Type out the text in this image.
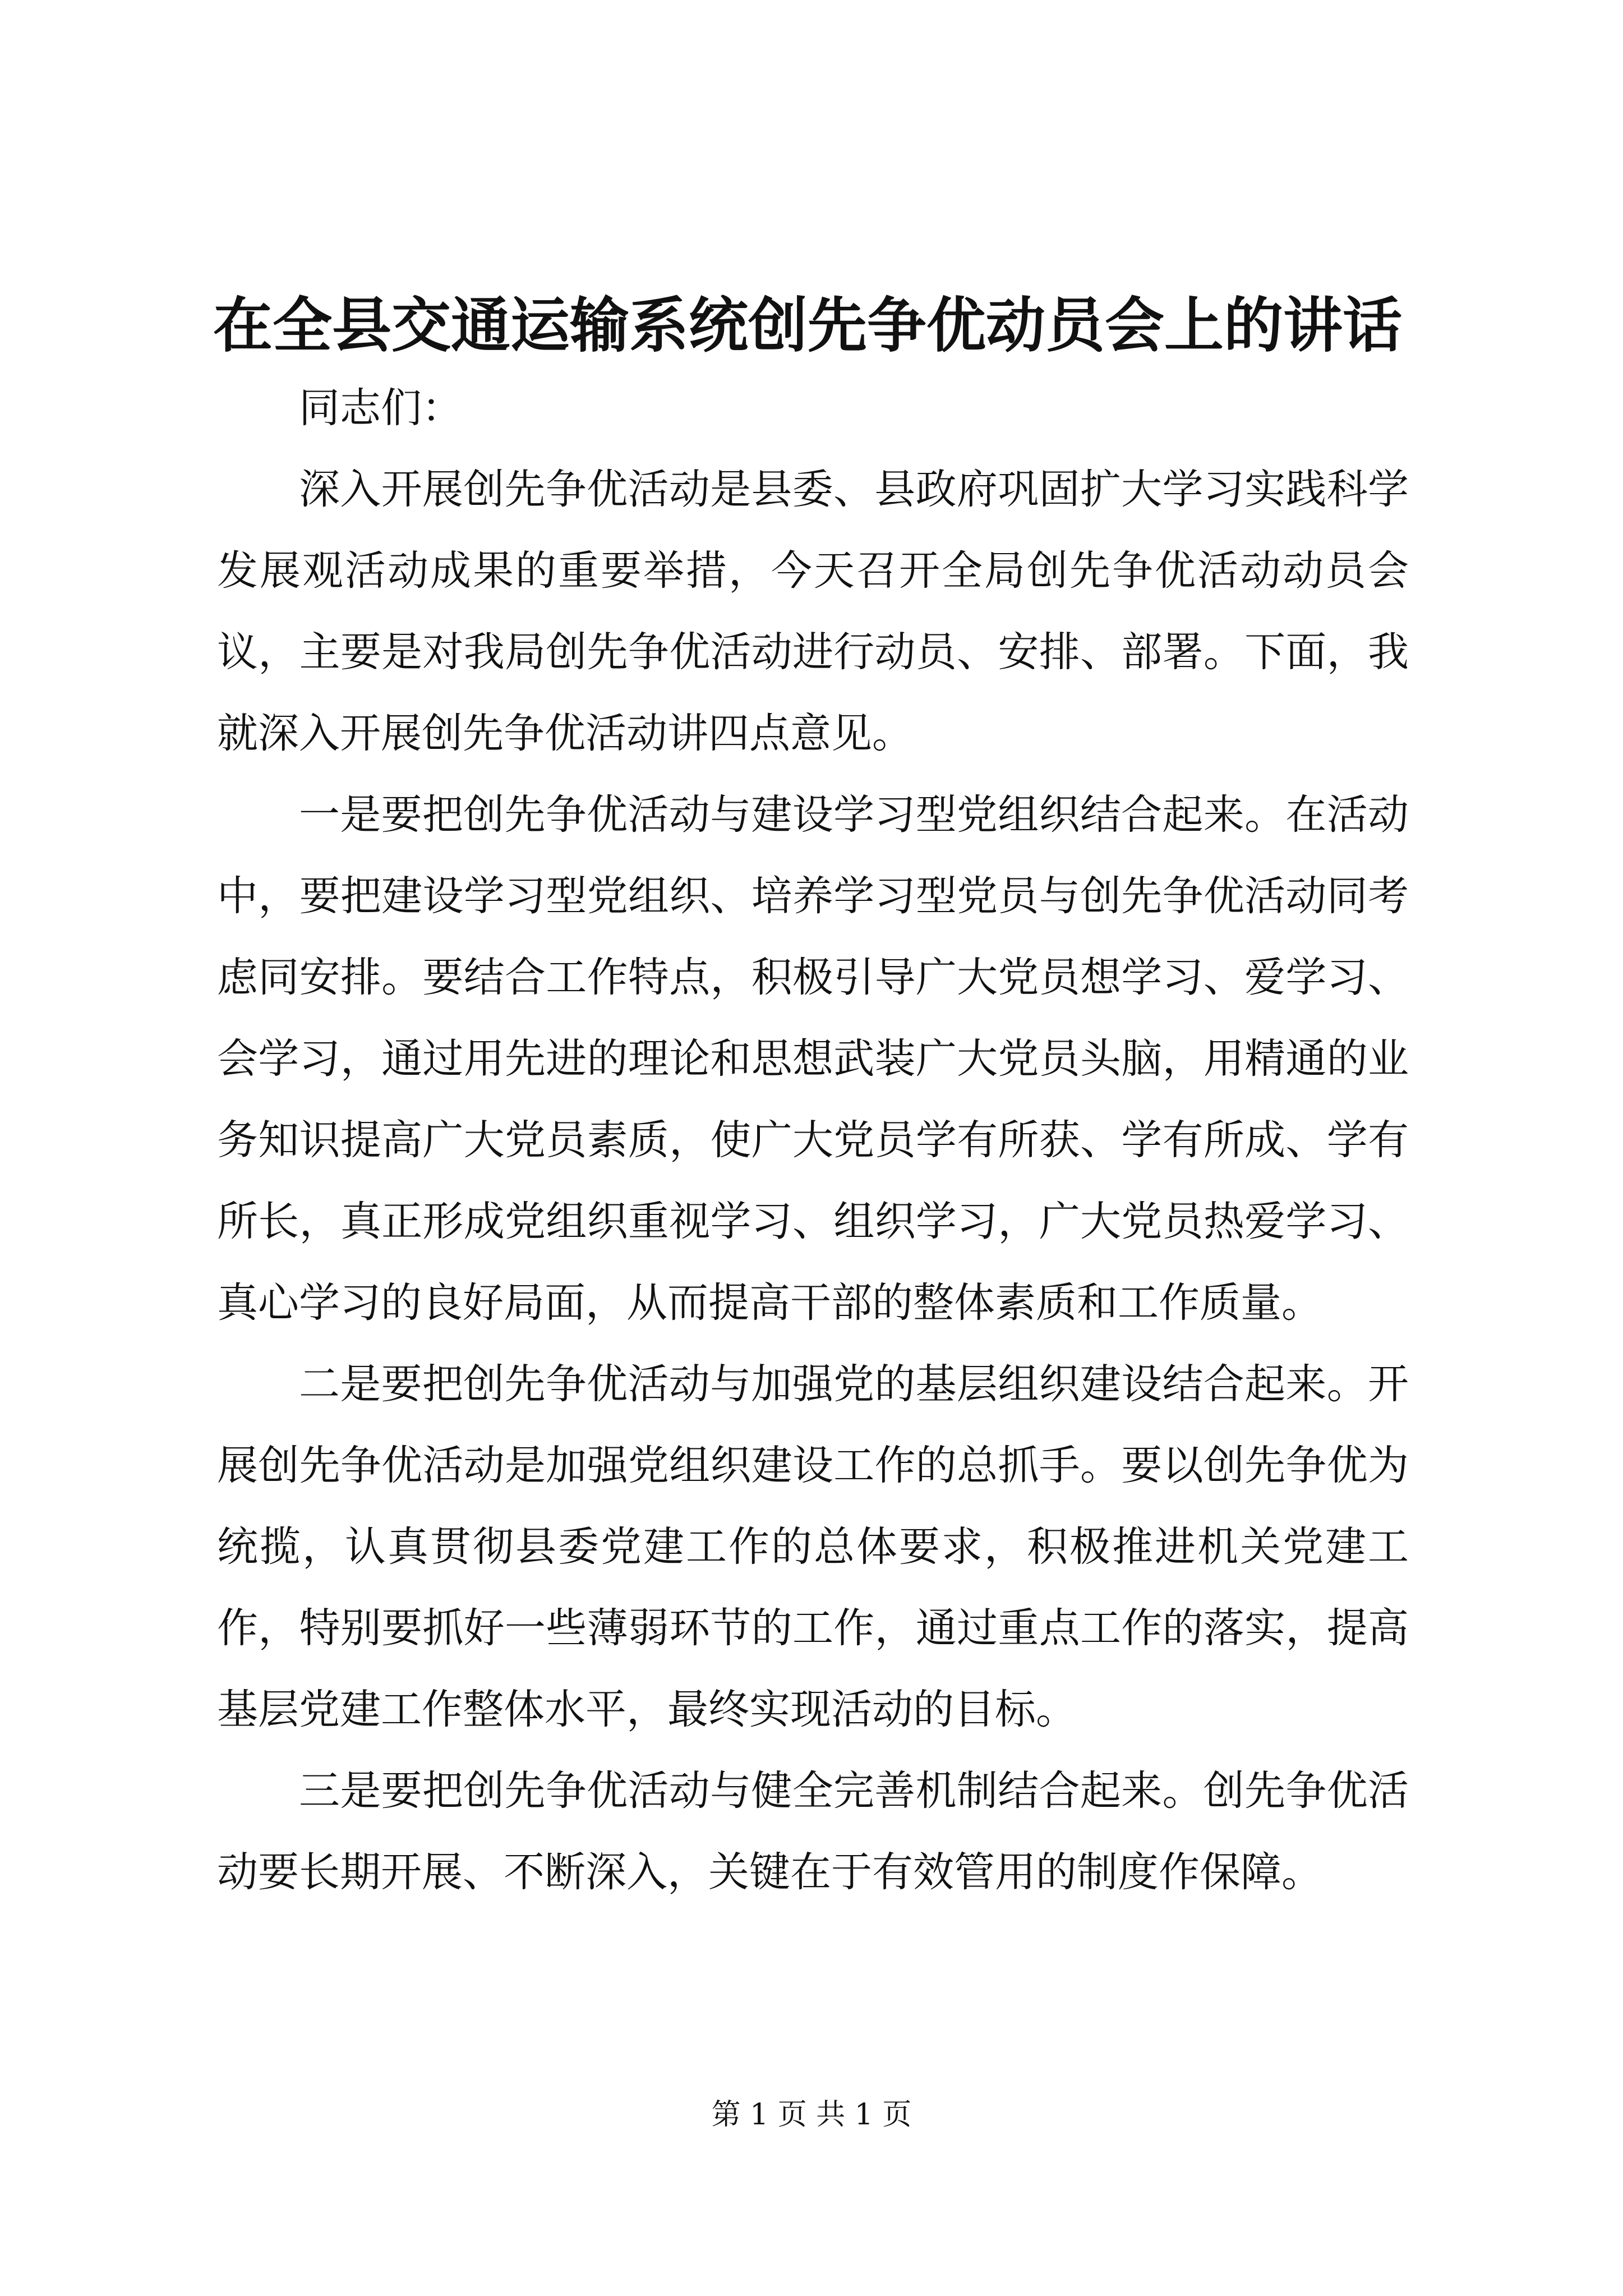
在全县交通运输系统创先争优动员会上的讲话

同志们：

深入开展创先争优活动是县委、县政府巩固扩大学习实践科学发展观活动成果的重要举措，今天召开全局创先争优活动动员会议，主要是对我局创先争优活动进行动员、安排、部署。下面，我就深入开展创先争优活动讲四点意见。

一是要把创先争优活动与建设学习型党组织结合起来。在活动中，要把建设学习型党组织、培养学习型党员与创先争优活动同考虑同安排。要结合工作特点，积极引导广大党员想学习、爱学习、会学习，通过用先进的理论和思想武装广大党员头脑，用精通的业务知识提高广大党员素质，使广大党员学有所获、学有所成、学有所长，真正形成党组织重视学习、组织学习，广大党员热爱学习、真心学习的良好局面，从而提高干部的整体素质和工作质量。

二是要把创先争优活动与加强党的基层组织建设结合起来。开展创先争优活动是加强党组织建设工作的总抓手。要以创先争优为统揽，认真贯彻县委党建工作的总体要求，积极推进机关党建工作，特别要抓好一些薄弱环节的工作，通过重点工作的落实，提高基层党建工作整体水平，最终实现活动的目标。

三是要把创先争优活动与健全完善机制结合起来。创先争优活动要长期开展、不断深入，关键在于有效管用的制度作保障。

第 1 页 共 1 页
